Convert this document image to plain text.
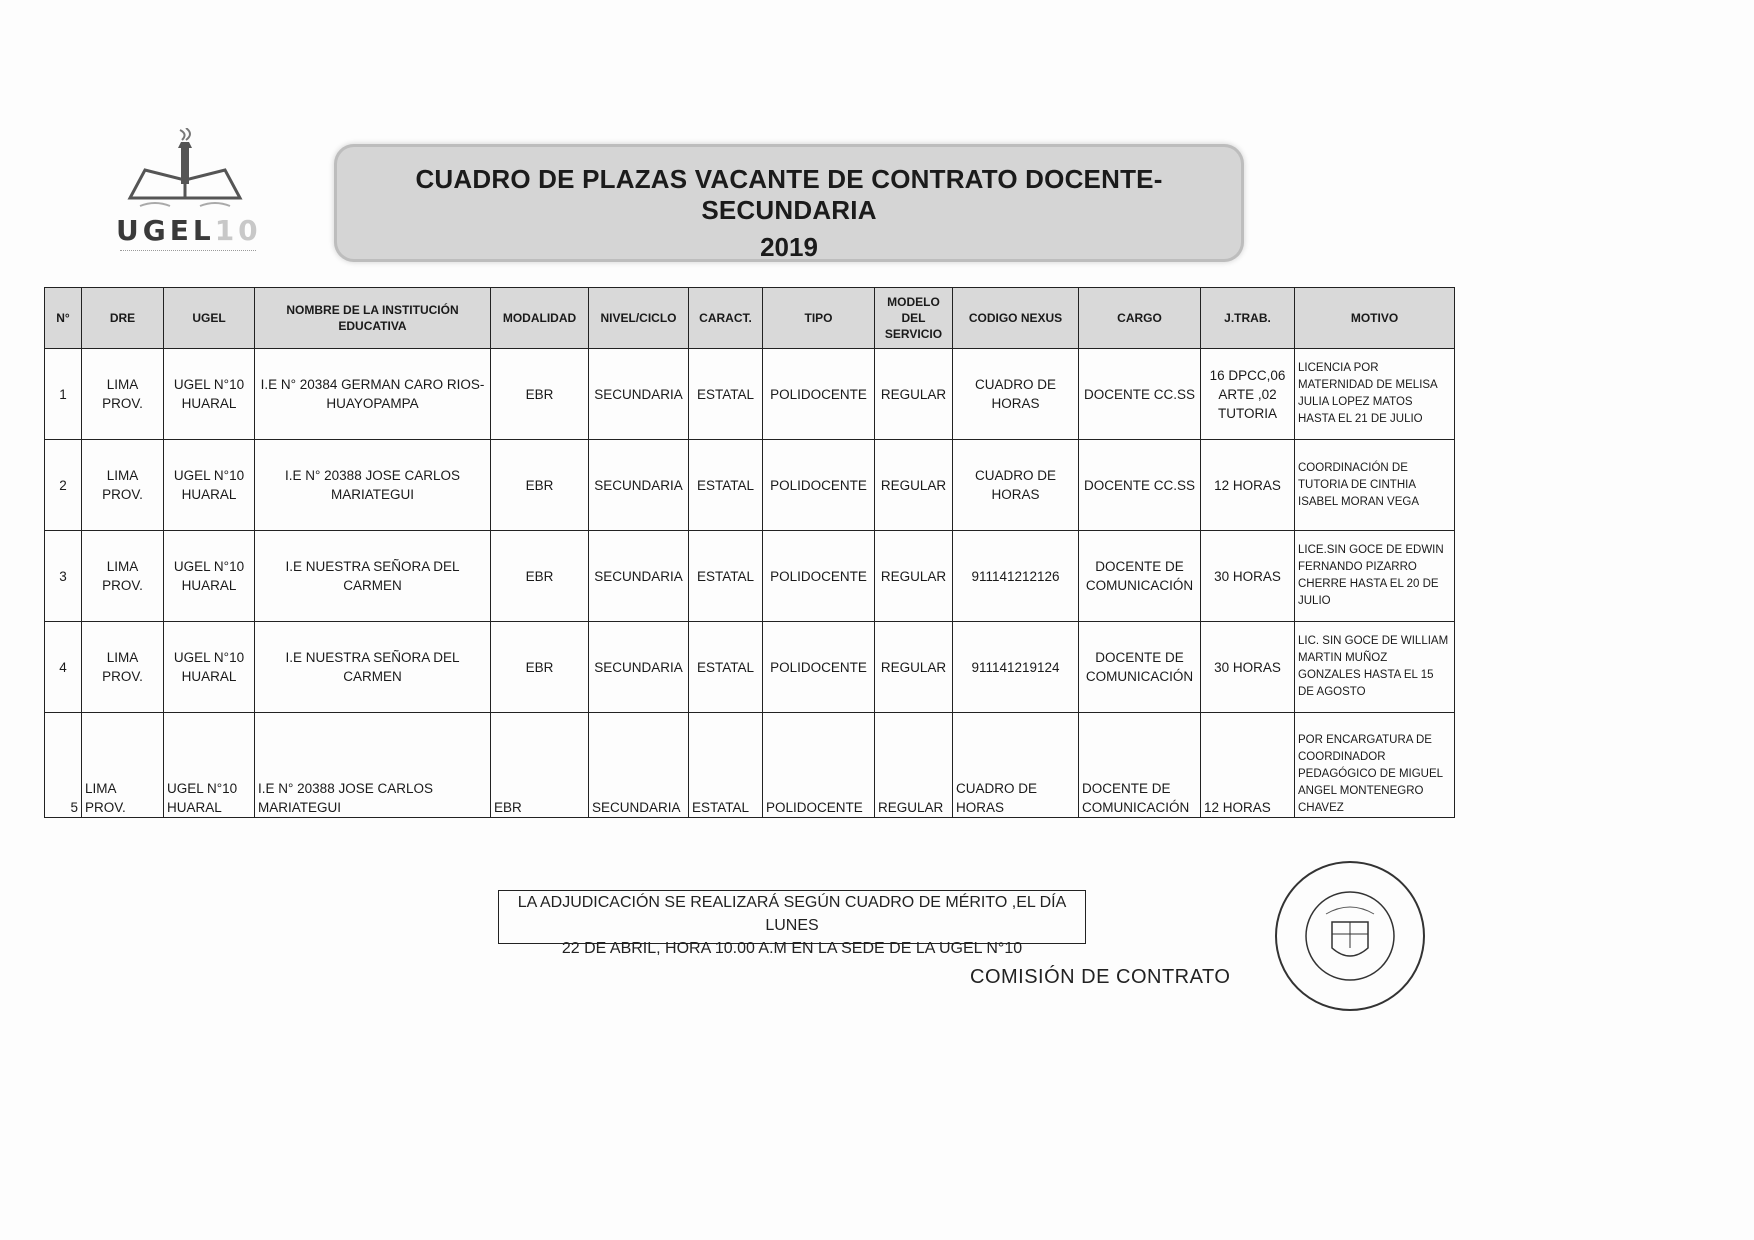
UGEL10
CUADRO DE PLAZAS VACANTE DE CONTRATO DOCENTE-SECUNDARIA
2019
N°	DRE	UGEL	NOMBRE DE LA INSTITUCIÓN EDUCATIVA	MODALIDAD	NIVEL/CICLO	CARACT.	TIPO	MODELO DEL SERVICIO	CODIGO NEXUS	CARGO	J.TRAB.	MOTIVO
1	LIMA PROV.	UGEL N°10 HUARAL	I.E N° 20384 GERMAN CARO RIOS-HUAYOPAMPA	EBR	SECUNDARIA	ESTATAL	POLIDOCENTE	REGULAR	CUADRO DE HORAS	DOCENTE CC.SS	16 DPCC,06 ARTE ,02 TUTORIA	LICENCIA POR MATERNIDAD DE MELISA JULIA LOPEZ MATOS HASTA EL 21 DE JULIO
2	LIMA PROV.	UGEL N°10 HUARAL	I.E N° 20388 JOSE CARLOS MARIATEGUI	EBR	SECUNDARIA	ESTATAL	POLIDOCENTE	REGULAR	CUADRO DE HORAS	DOCENTE CC.SS	12 HORAS	COORDINACIÓN DE TUTORIA DE CINTHIA ISABEL MORAN VEGA
3	LIMA PROV.	UGEL N°10 HUARAL	I.E NUESTRA SEÑORA DEL CARMEN	EBR	SECUNDARIA	ESTATAL	POLIDOCENTE	REGULAR	911141212126	DOCENTE DE COMUNICACIÓN	30 HORAS	LICE.SIN GOCE DE EDWIN FERNANDO PIZARRO CHERRE HASTA EL 20 DE JULIO
4	LIMA PROV.	UGEL N°10 HUARAL	I.E NUESTRA SEÑORA DEL CARMEN	EBR	SECUNDARIA	ESTATAL	POLIDOCENTE	REGULAR	911141219124	DOCENTE DE COMUNICACIÓN	30 HORAS	LIC. SIN GOCE DE WILLIAM MARTIN MUÑOZ GONZALES HASTA EL 15 DE AGOSTO
5	LIMA PROV.	UGEL N°10 HUARAL	I.E N° 20388 JOSE CARLOS MARIATEGUI	EBR	SECUNDARIA	ESTATAL	POLIDOCENTE	REGULAR	CUADRO DE HORAS	DOCENTE DE COMUNICACIÓN	12 HORAS	POR ENCARGATURA DE COORDINADOR PEDAGÓGICO DE MIGUEL ANGEL MONTENEGRO CHAVEZ
LA ADJUDICACIÓN SE REALIZARÁ SEGÚN CUADRO DE MÉRITO ,EL DÍA LUNES
22 DE ABRIL, HORA 10.00 A.M EN LA SEDE DE LA UGEL N°10
COMISIÓN DE CONTRATO
